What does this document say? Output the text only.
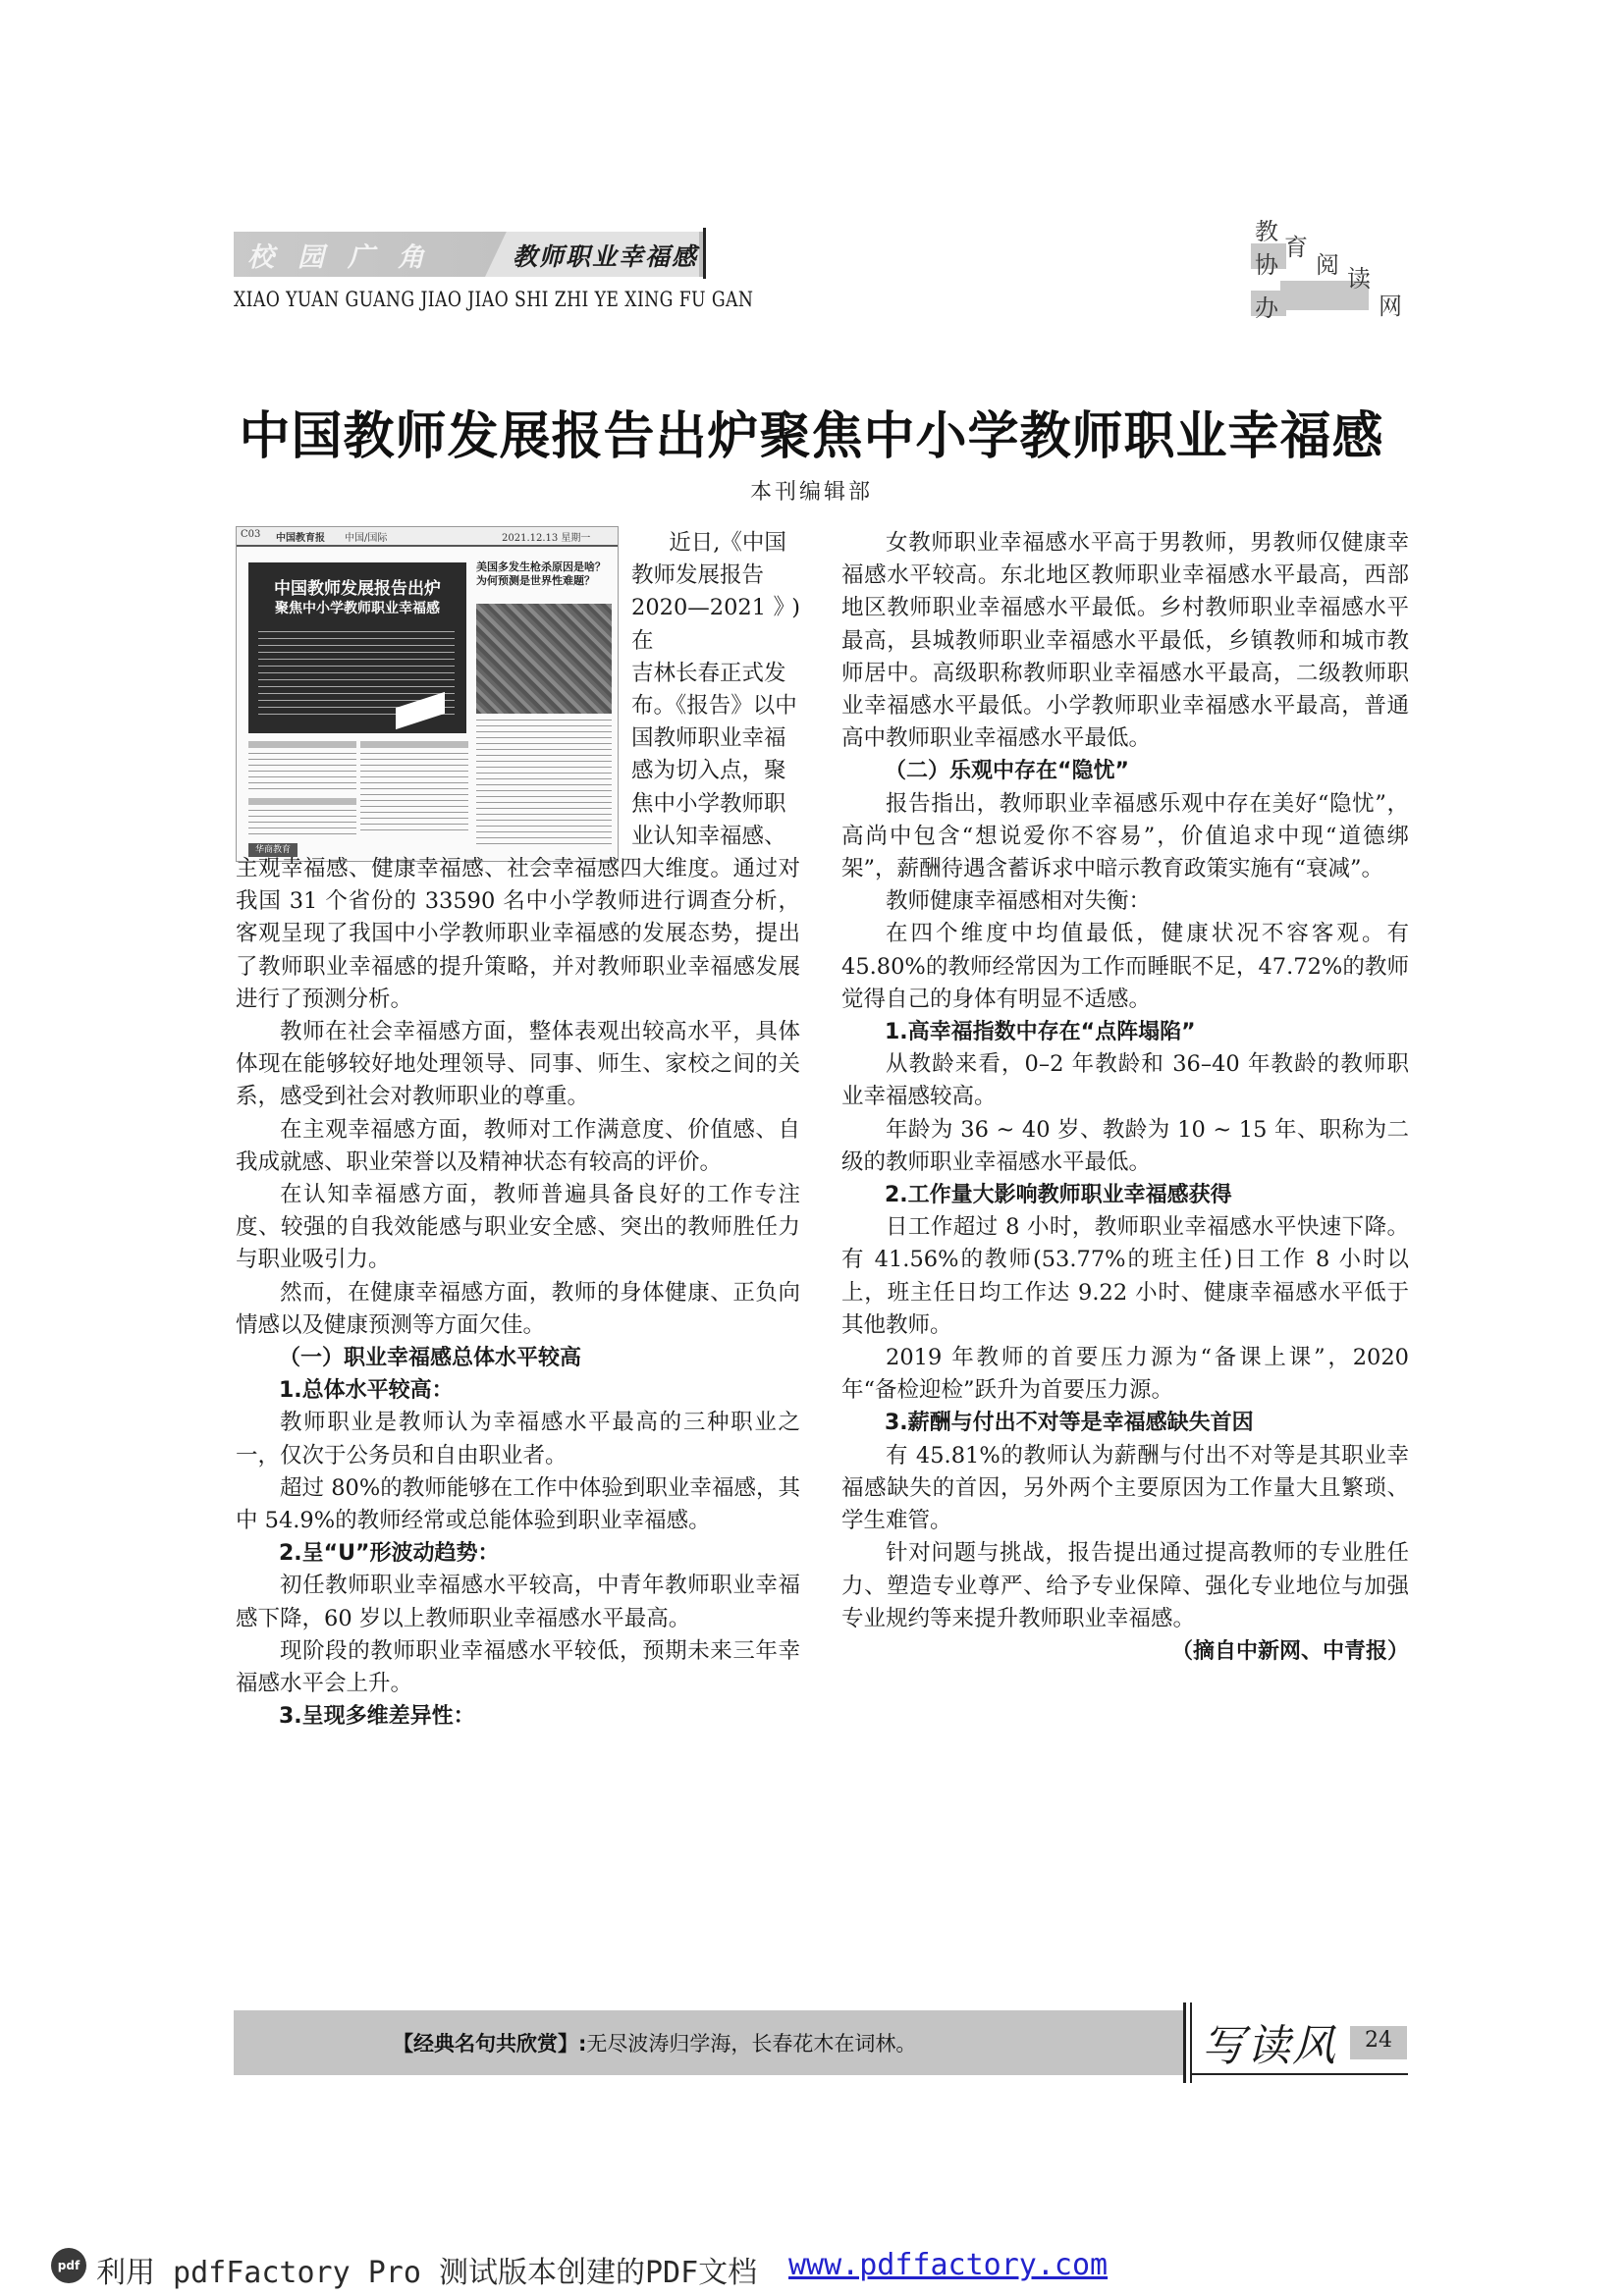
校园广角	教师职业幸福感
XIAO YUAN GUANG JIAO JIAO SHI ZHI YE XING FU GAN
教
育
协 阅 读
办	网
中国教师发展报告出炉聚焦中小学教师职业幸福感
本刊编辑部
C03 中国教育报 中国/国际	2021.12.13 星期一
中国教师发展报告出炉
聚焦中小学教师职业幸福感
美国多发生枪杀原因是啥？为何预测是世界性难题？
华商教育

近日,《中国

教师发展报告

2020—2021》)在

吉林长春正式发

布。《报告》以中

国教师职业幸福

感为切入点，聚

焦中小学教师职

业认知幸福感、

主观幸福感、健康幸福感、社会幸福感四大维度。通过对我国 31 个省份的 33590 名中小学教师进行调查分析，客观呈现了我国中小学教师职业幸福感的发展态势，提出了教师职业幸福感的提升策略，并对教师职业幸福感发展进行了预测分析。

教师在社会幸福感方面，整体表观出较高水平，具体体现在能够较好地处理领导、同事、师生、家校之间的关系，感受到社会对教师职业的尊重。

在主观幸福感方面，教师对工作满意度、价值感、自我成就感、职业荣誉以及精神状态有较高的评价。

在认知幸福感方面，教师普遍具备良好的工作专注度、较强的自我效能感与职业安全感、突出的教师胜任力与职业吸引力。

然而，在健康幸福感方面，教师的身体健康、正负向情感以及健康预测等方面欠佳。

（一）职业幸福感总体水平较高
1.总体水平较高：

教师职业是教师认为幸福感水平最高的三种职业之一，仅次于公务员和自由职业者。

超过 80%的教师能够在工作中体验到职业幸福感，其中 54.9%的教师经常或总能体验到职业幸福感。

2.呈“U”形波动趋势：

初任教师职业幸福感水平较高，中青年教师职业幸福感下降，60 岁以上教师职业幸福感水平最高。

现阶段的教师职业幸福感水平较低，预期未来三年幸福感水平会上升。

3.呈现多维差异性：

女教师职业幸福感水平高于男教师，男教师仅健康幸福感水平较高。东北地区教师职业幸福感水平最高，西部地区教师职业幸福感水平最低。乡村教师职业幸福感水平最高，县城教师职业幸福感水平最低，乡镇教师和城市教师居中。高级职称教师职业幸福感水平最高，二级教师职业幸福感水平最低。小学教师职业幸福感水平最高，普通高中教师职业幸福感水平最低。

（二）乐观中存在“隐忧”

报告指出，教师职业幸福感乐观中存在美好“隐忧”，高尚中包含“想说爱你不容易”，价值追求中现“道德绑架”，薪酬待遇含蓄诉求中暗示教育政策实施有“衰减”。

教师健康幸福感相对失衡：

在四个维度中均值最低，健康状况不容客观。有 45.80%的教师经常因为工作而睡眠不足，47.72%的教师觉得自己的身体有明显不适感。

1.高幸福指数中存在“点阵塌陷”

从教龄来看，0–2 年教龄和 36–40 年教龄的教师职业幸福感较高。

年龄为 36 ~ 40 岁、教龄为 10 ~ 15 年、职称为二级的教师职业幸福感水平最低。

2.工作量大影响教师职业幸福感获得

日工作超过 8 小时，教师职业幸福感水平快速下降。有 41.56%的教师(53.77%的班主任)日工作 8 小时以上，班主任日均工作达 9.22 小时、健康幸福感水平低于其他教师。

2019 年教师的首要压力源为“备课上课”，2020 年“备检迎检”跃升为首要压力源。

3.薪酬与付出不对等是幸福感缺失首因

有 45.81%的教师认为薪酬与付出不对等是其职业幸福感缺失的首因，另外两个主要原因为工作量大且繁琐、学生难管。

针对问题与挑战，报告提出通过提高教师的专业胜任力、塑造专业尊严、给予专业保障、强化专业地位与加强专业规约等来提升教师职业幸福感。

（摘自中新网、中青报）
【经典名句共欣赏】:无尽波涛归学海，长春花木在词林。	写读风	24
pdf 利用 pdfFactory Pro 测试版本创建的PDF文档 www.pdffactory.com
